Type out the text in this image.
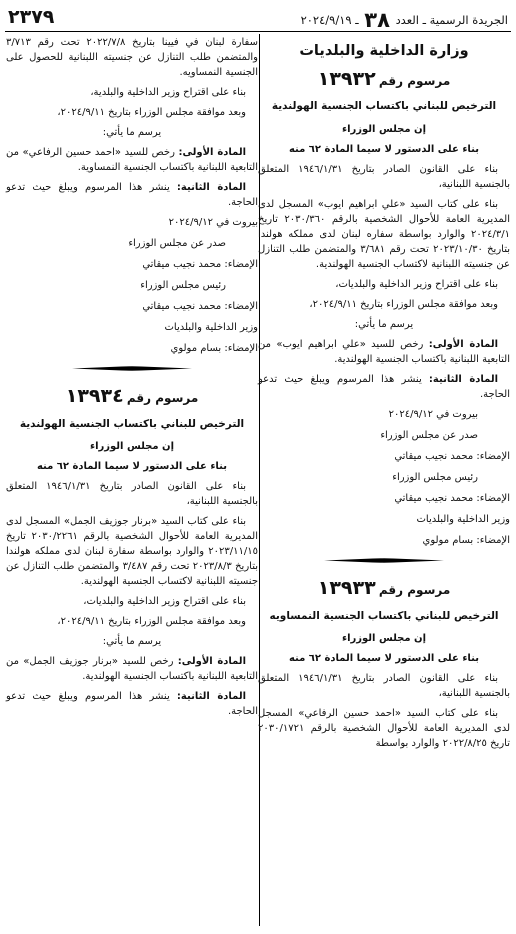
الجريدة الرسمية ـ العدد ٣٨ ـ ٢٠٢٤/٩/١٩
٢٣٧٩
وزارة الداخلية والبلديات
مرسوم رقم ١٣٩٣٢
الترخيص للبناني باكتساب الجنسية الهولندية

إن مجلس الوزراء

بناء على الدستور لا سيما المادة ٦٢ منه

بناء على القانون الصادر بتاريخ ١٩٤٦/١/٣١ المتعلق بالجنسية اللبنانية،

بناء على كتاب السيد «علي ابراهيم ايوب» المسجل لدى المديرية العامة للأحوال الشخصية بالرقم ٢٠٣٠/٣٦٠ تاريخ ٢٠٢٤/٣/١ والوارد بواسطة سفاره لبنان لدى مملكه هولندا بتاريخ ٢٠٢٣/١٠/٣٠ تحت رقم ٣/٦٨١ والمتضمن طلب التنازل عن جنسيته اللبنانية لاكتساب الجنسية الهولندية.

بناء على اقتراح وزير الداخلية والبلديات،

وبعد موافقة مجلس الوزراء بتاريخ ٢٠٢٤/٩/١١،

يرسم ما يأتي:

المادة الأولى: رخص للسيد «علي ابراهيم ايوب» من التابعية اللبنانية باكتساب الجنسية الهولندية.

المادة الثانية: ينشر هذا المرسوم ويبلغ حيث تدعو الحاجة.

بيروت في ٢٠٢٤/٩/١٢

صدر عن مجلس الوزراء

الإمضاء: محمد نجيب ميقاتي

رئيس مجلس الوزراء

الإمضاء: محمد نجيب ميقاتي

وزير الداخلية والبلديات

الإمضاء: بسام مولوي

مرسوم رقم ١٣٩٣٣
الترخيص للبناني باكتساب الجنسية النمساويه

إن مجلس الوزراء

بناء على الدستور لا سيما المادة ٦٢ منه

بناء على القانون الصادر بتاريخ ١٩٤٦/١/٣١ المتعلق بالجنسية اللبنانية،

بناء على كتاب السيد «احمد حسين الرفاعي» المسجل لدى المديرية العامة للأحوال الشخصية بالرقم ٢٠٣٠/١٧٢١ تاريخ ٢٠٢٢/٨/٢٥ والوارد بواسطة

سفارة لبنان في فيينا بتاريخ ٢٠٢٢/٧/٨ تحت رقم ٣/٧١٣ والمتضمن طلب التنازل عن جنسيته اللبنانية للحصول على الجنسية النمساويه.

بناء على اقتراح وزير الداخلية والبلدية،

وبعد موافقة مجلس الوزراء بتاريخ ٢٠٢٤/٩/١١،

يرسم ما يأتي:

المادة الأولى: رخص للسيد «احمد حسين الرفاعي» من التابعية اللبنانية باكتساب الجنسية النمساوية.

المادة الثانية: ينشر هذا المرسوم ويبلغ حيث تدعو الحاجة.

بيروت في ٢٠٢٤/٩/١٢

صدر عن مجلس الوزراء

الإمضاء: محمد نجيب ميقاتي

رئيس مجلس الوزراء

الإمضاء: محمد نجيب ميقاتي

وزير الداخلية والبلديات

الإمضاء: بسام مولوي

مرسوم رقم ١٣٩٣٤
الترخيص للبناني باكتساب الجنسية الهولندية

إن مجلس الوزراء

بناء على الدستور لا سيما المادة ٦٢ منه

بناء على القانون الصادر بتاريخ ١٩٤٦/١/٣١ المتعلق بالجنسية اللبنانية،

بناء على كتاب السيد «برنار جوزيف الجمل» المسجل لدى المديرية العامة للأحوال الشخصية بالرقم ٢٠٣٠/٢٢٦١ تاريخ ٢٠٢٣/١١/١٥ والوارد بواسطة سفارة لبنان لدى مملكه هولندا بتاريخ ٢٠٢٣/٨/٣ تحت رقم ٣/٤٨٧ والمتضمن طلب التنازل عن جنسيته اللبنانية لاكتساب الجنسية الهولندية.

بناء على اقتراح وزير الداخلية والبلديات،

وبعد موافقة مجلس الوزراء بتاريخ ٢٠٢٤/٩/١١،

يرسم ما يأتي:

المادة الأولى: رخص للسيد «برنار جوزيف الجمل» من التابعية اللبنانية باكتساب الجنسية الهولندية.

المادة الثانية: ينشر هذا المرسوم ويبلغ حيث تدعو الحاجة.
